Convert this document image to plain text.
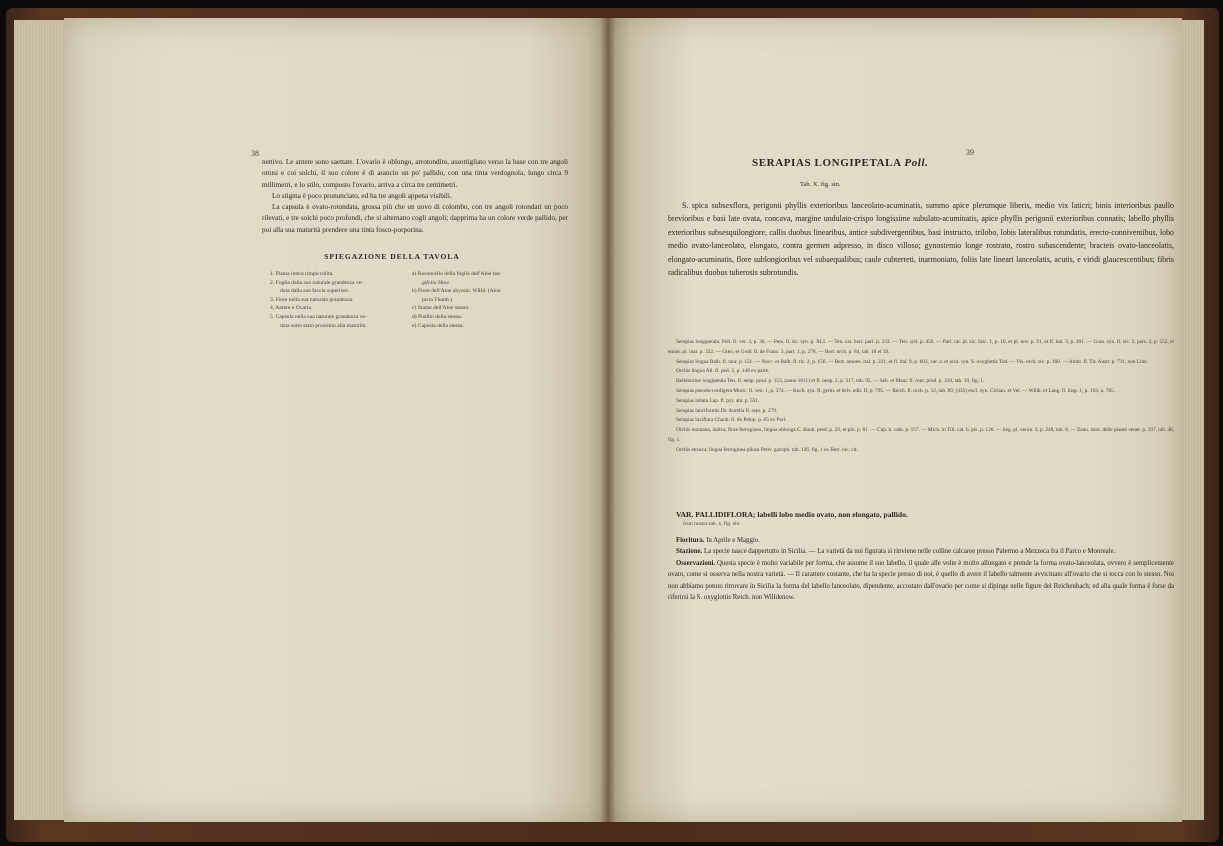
38

nettivo. Le antere sono saettate. L'ovario è oblungo, arrotondito, assottigliato verso la base con tre angoli ottusi e coi solchi, il suo colore è di arancio un po' pallido, con una tinta verdognola, lungo circa 9 millimetri, e lo stilo, composto l'ovario, arriva a circa tre centimetri.

Lo stigma è poco pronunciato, ed ha tre angoli appena visibili.

La capsula è ovato-rotondata, grossa più che un uovo di colombo, con tre angoli rotondati un poco rilevati, e tre solchi poco profondi, che si alternano cogli angoli; dapprima ha un colore verde pallido, per poi alla sua maturità prendere una tinta fosco-porporina.

SPIEGAZIONE DELLA TAVOLA
1. Pianta intera rimpiccolita.
2. Foglia dalla sua naturale grandezza ve-
duta dalla sua faccia superiore.
3. Fiore nella sua naturale grandezza.
4. Antere e Ovario.
5. Capsula nella sua naturale grandezza ve-
duta sotto stato prossimo alla maturità.
a) Rosoncello della foglia dell'Aloe lan-
gifolia Haw.
b) Fiore dell'Aloe abyssin. Willd. (Aloe
picta Thunb.).
c) Stame dell'Aloe stesso.
d) Pistillo della stessa.
e) Capsula della stessa.
39
SERAPIAS LONGIPETALA Poll.
Tab. X. fig. sin.

S. spica subsexflora, perigonii phyllis exterioribus lanceolato-acuminatis, summo apice plerumque liberis, medio vix laticri; binis interioribus paullo brevioribus e basi late ovata, concava, margine undulato-crispo longissime subulato-acuminatis, apice phyllis perigonii exterioribus connatis; labello phyllis exterioribus subsesquilongiore, callis duobus linearibus, antice subdivergentibus, basi instructo, trilobo, lobis lateralibus rotundatis, erecto-conniventibus, lobo medio ovato-lanceolato, elongato, contra germen adpresso, in disco villoso; gynostemio longe rostrato, rostro subascendente; bracteis ovato-lanceolatis, elongato-acuminatis, flore sublongioribus vel subaequalibus; caule cubterreti, inarmoniato, foliis late lineari lanceolatis, acutis, e viridi glaucescentibus; fibris radicalibus duobus tuberosis subrotundis.

Serapias longipetala. Poll. fl. ver. 3, p. 30. — Pers. fl. sic. syn. p. XLI. — Ten. cat. hort. parl. p. 233. — Ten. syll. p. 456. — Parl. rar. pl. sic. fasc. 1, p. 10, et pl. nov. p. 91, et fl. ital. 3, p. 491. — Guss. syn. fl. sic. 2, pars. 2, p. 552, et enum. pl. inar. p. 322. — Gren. et Godr. fl. de Franc. 3, part. 1, p. 278. — Bert. orch. p. 84, tab. 18 et 19.

Serapias lingua Balb. fl. taur. p. 151. — Nocc. et Balb. fl. tic. 2, p. 156. — Bert. amoen. ital. p. 221, et fl. ital. 9, p. 603, var. a. et acul. syn. S. oxyglottis Tod. — Vis. orch. sic. p. 160. — Ambr. fl. Tir. Austr. p. 711, non Linn.

Orchis lingua All. fl. ped. 2, p. 148 ex parte.

Helleborine longipetala Ten. fl. neap. prod. p. 153, (anno 1811) et fl. neap. 2, p. 317, tab. 95. — Seb. et Maur. fl. rom. prod. p. 310, tab. 10, fig. 1.

Serapias pseudo-cordigera Moric. fl. ven. 1, p. 374. — Koch. syn. fl. germ. et helv. edit. II, p. 795. — Reich. fl. orch. p. 12, tab. 89, (435) excl. syn. Cichan. et Vel. — Willk. et Lang. fl. hisp. 1, p. 163, n. 765.

Serapias lobata Lap. fl. pyr. abr. p. 551.

Serapias lanciformis Dr. Aurelia fl. sept. p. 279.

Serapias laxiflora Chaub. fl. du Pelop. p. 63 ex Parl.

Orchis montana, italica, flore ferrugineo, lingua oblonga C. Bauh. prod. p. 29, et pin. p. 81. — Cup. h. cath. p. 157. — Mich. in Till. cat. h. pis. p. 126. — Seg. pl. veron. 3, p. 248, tab. 8. — Zann. istor. delle piante venet. p. 197, tab. 48, fig. 1.

Orchis etrusca, lingua ferruginea pilosa Petiv. gazoph. tab. 126, fig. 1 ex Bert. loc. cit.

VAR. PALLIDIFLORA; labelli lobo medio ovato, non elongato, pallido.
Icon nostra tab. x, fig. sin.

Fioritura. In Aprile e Maggio.

Stazione. La specie nasce dappertutto in Sicilia. — La varietà da noi figurata si rinviene nelle colline calcaree presso Palermo a Mezzeca fra il Parco e Monreale.

Osservazioni. Questa specie è molto variabile per forma, che assume il suo labello, il quale alle volte è molto allungato e prende la forma ovato-lanceolata, ovvero è semplicemente ovato, come si osserva nella nostra varietà. — Il carattere costante, che ha la specie presso di noi, è quello di avere il labello talmente avvicinato all'ovario che si tocca con lo stesso. Noi non abbiamo potuto ritrovare in Sicilia la forma del labello lanceolato, dipendente, accostato dall'ovario per come si dipinge nelle figure del Reichenbach; ed alla quale forma è forse da riferirsi la S. oxyglottis Reich. non Willdenow.
